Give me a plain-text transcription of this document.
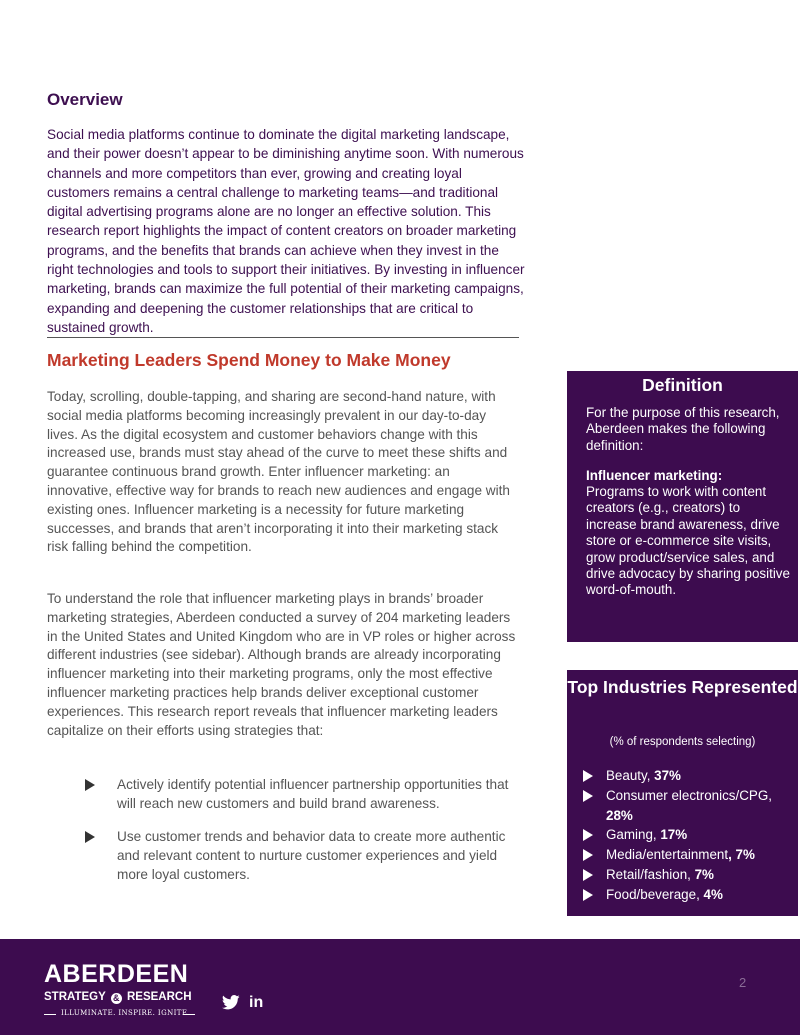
Overview

Social media platforms continue to dominate the digital marketing landscape, and their power doesn’t appear to be diminishing anytime soon. With numerous channels and more competitors than ever, growing and creating loyal customers remains a central challenge to marketing teams—and traditional digital advertising programs alone are no longer an effective solution. This research report highlights the impact of content creators on broader marketing programs, and the benefits that brands can achieve when they invest in the right technologies and tools to support their initiatives. By investing in influencer marketing, brands can maximize the full potential of their marketing campaigns, expanding and deepening the customer relationships that are critical to sustained growth.

Marketing Leaders Spend Money to Make Money

Today, scrolling, double-tapping, and sharing are second-hand nature, with social media platforms becoming increasingly prevalent in our day-to-day lives. As the digital ecosystem and customer behaviors change with this increased use, brands must stay ahead of the curve to meet these shifts and guarantee continuous brand growth. Enter influencer marketing: an innovative, effective way for brands to reach new audiences and engage with existing ones. Influencer marketing is a necessity for future marketing successes, and brands that aren’t incorporating it into their marketing stack risk falling behind the competition.

To understand the role that influencer marketing plays in brands’ broader marketing strategies, Aberdeen conducted a survey of 204 marketing leaders in the United States and United Kingdom who are in VP roles or higher across different industries (see sidebar). Although brands are already incorporating influencer marketing into their marketing programs, only the most effective influencer marketing practices help brands deliver exceptional customer experiences. This research report reveals that influencer marketing leaders capitalize on their efforts using strategies that:

Actively identify potential influencer partnership opportunities that will reach new customers and build brand awareness.
Use customer trends and behavior data to create more authentic and relevant content to nurture customer experiences and yield more loyal customers.
Definition
For the purpose of this research, Aberdeen makes the following definition:
Influencer marketing:
Programs to work with content creators (e.g., creators) to increase brand awareness, drive store or e-commerce site visits, grow product/service sales, and drive advocacy by sharing positive word-of-mouth.
Top Industries Represented
(% of respondents selecting)
Beauty, 37%
Consumer electronics/CPG, 28%
Gaming, 17%
Media/entertainment, 7%
Retail/fashion, 7%
Food/beverage, 4%
ABERDEEN
STRATEGY & RESEARCH
ILLUMINATE. INSPIRE. IGNITE.
in
2
